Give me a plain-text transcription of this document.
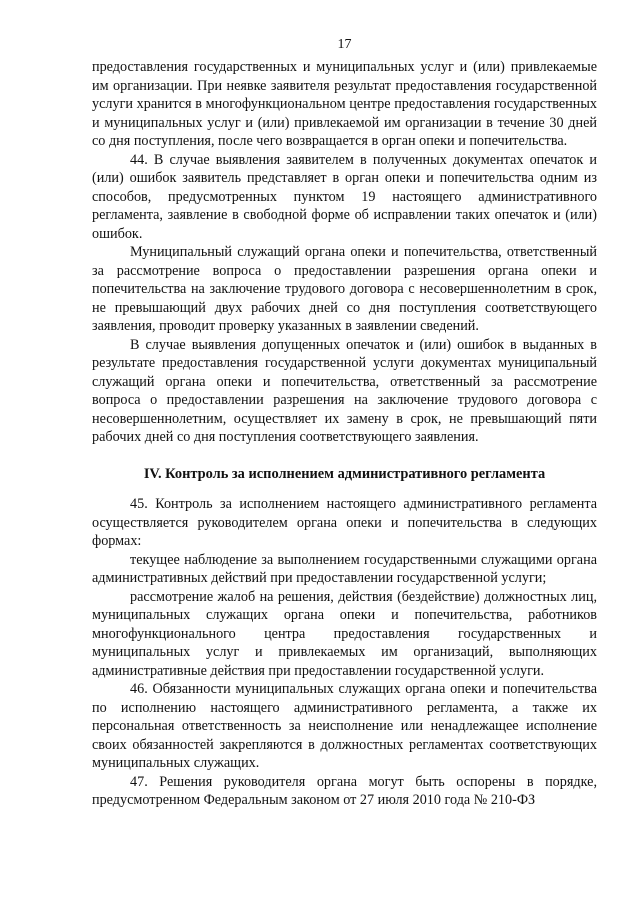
17

предоставления государственных и муниципальных услуг и (или) привлекаемые им организации. При неявке заявителя результат предоставления государственной услуги хранится в многофункциональном центре предоставления государственных и муниципальных услуг и (или) привлекаемой им организации в течение 30 дней со дня поступления, после чего возвращается в орган опеки и попечительства.

44. В случае выявления заявителем в полученных документах опечаток и (или) ошибок заявитель представляет в орган опеки и попечительства одним из способов, предусмотренных пунктом 19 настоящего административного регламента, заявление в свободной форме об исправлении таких опечаток и (или) ошибок.

Муниципальный служащий органа опеки и попечительства, ответственный за рассмотрение вопроса о предоставлении разрешения органа опеки и попечительства на заключение трудового договора с несовершеннолетним в срок, не превышающий двух рабочих дней со дня поступления соответствующего заявления, проводит проверку указанных в заявлении сведений.

В случае выявления допущенных опечаток и (или) ошибок в выданных в результате предоставления государственной услуги документах муниципальный служащий органа опеки и попечительства, ответственный за рассмотрение вопроса о предоставлении разрешения на заключение трудового договора с несовершеннолетним, осуществляет их замену в срок, не превышающий пяти рабочих дней со дня поступления соответствующего заявления.

IV. Контроль за исполнением административного регламента

45. Контроль за исполнением настоящего административного регламента осуществляется руководителем органа опеки и попечительства в следующих формах:

текущее наблюдение за выполнением государственными служащими органа административных действий при предоставлении государственной услуги;

рассмотрение жалоб на решения, действия (бездействие) должностных лиц, муниципальных служащих органа опеки и попечительства, работников многофункционального центра предоставления государственных и муниципальных услуг и привлекаемых им организаций, выполняющих административные действия при предоставлении государственной услуги.

46. Обязанности муниципальных служащих органа опеки и попечительства по исполнению настоящего административного регламента, а также их персональная ответственность за неисполнение или ненадлежащее исполнение своих обязанностей закрепляются в должностных регламентах соответствующих муниципальных служащих.

47. Решения руководителя органа могут быть оспорены в порядке, предусмотренном Федеральным законом от 27 июля 2010 года № 210-ФЗ
